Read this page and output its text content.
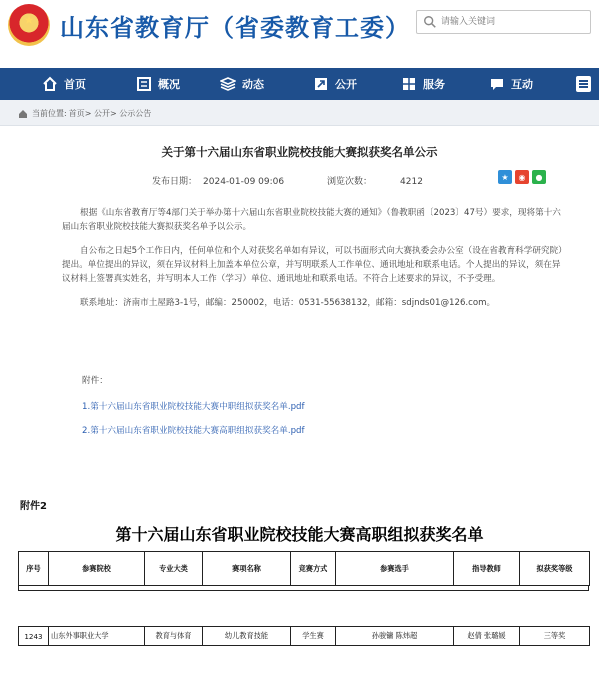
★ 山东省教育厅（省委教育工委）
请输入关键词
首页	概况	动态	公开	服务	互动
当前位置: 首页> 公开> 公示公告
关于第十六届山东省职业院校技能大赛拟获奖名单公示
发布日期： 2024-01-09 09:06	浏览次数：	4212	★	◉	●
根据《山东省教育厅等4部门关于举办第十六届山东省职业院校技能大赛的通知》（鲁教职函〔2023〕47号）要求，现将第十六届山东省职业院校技能大赛拟获奖名单予以公示。
自公布之日起5个工作日内，任何单位和个人对获奖名单如有异议，可以书面形式向大赛执委会办公室（设在省教育科学研究院）提出。单位提出的异议，须在异议材料上加盖本单位公章，并写明联系人工作单位、通讯地址和联系电话。个人提出的异议，须在异议材料上签署真实姓名，并写明本人工作（学习）单位、通讯地址和联系电话。不符合上述要求的异议，不予受理。
联系地址：济南市土屋路3-1号，邮编：250002，电话：0531-55638132，邮箱：sdjnds01@126.com。
附件：
1.第十六届山东省职业院校技能大赛中职组拟获奖名单.pdf
2.第十六届山东省职业院校技能大赛高职组拟获奖名单.pdf
附件2
第十六届山东省职业院校技能大赛高职组拟获奖名单
序号	参赛院校	专业大类	赛项名称	竞赛方式	参赛选手	指导教师	拟获奖等级
1243	山东外事职业大学	教育与体育	幼儿教育技能	学生赛	孙骏镛 陈炜超	赵倩 张璐媛	三等奖
